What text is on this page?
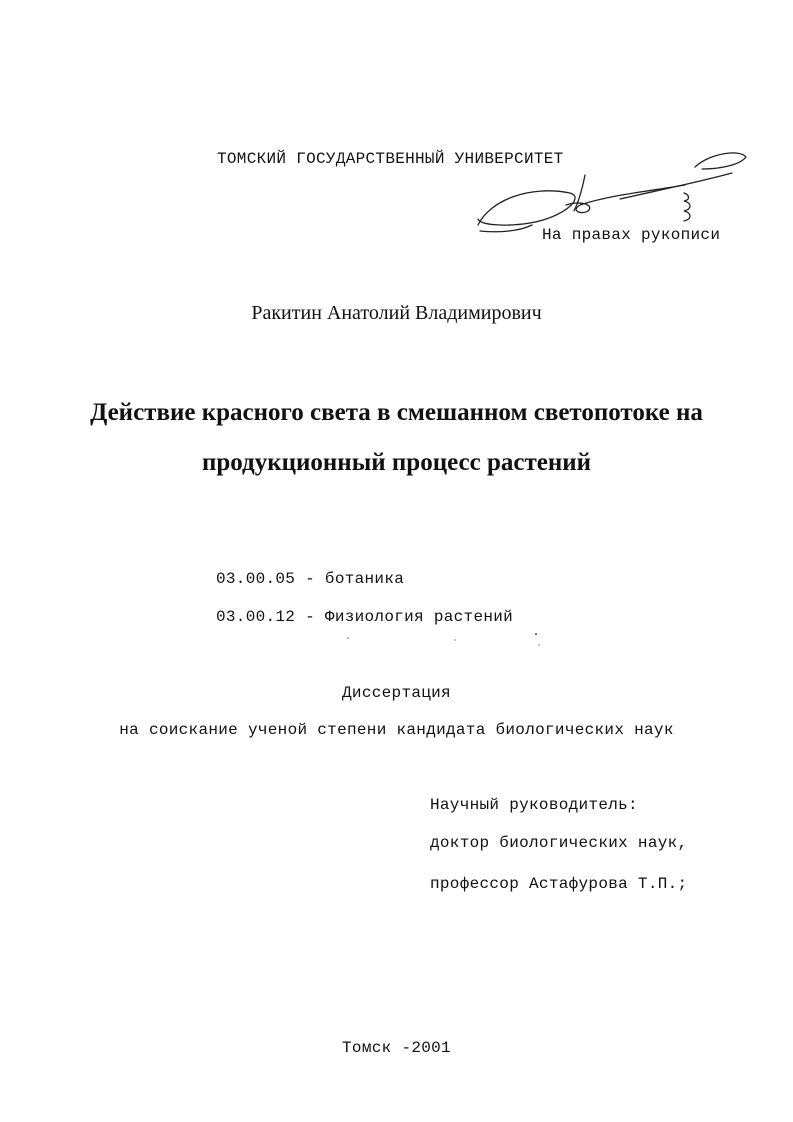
ТОМСКИЙ ГОСУДАРСТВЕННЫЙ УНИВЕРСИТЕТ
На правах рукописи
Ракитин Анатолий Владимирович
Действие красного света в смешанном светопотоке на
продукционный процесс растений
03.00.05 - ботаника
03.00.12 - Физиология растений
Диссертация
на соискание ученой степени кандидата биологических наук
Научный руководитель:
доктор биологических наук,
профессор Астафурова Т.П.;
Томск -2001
